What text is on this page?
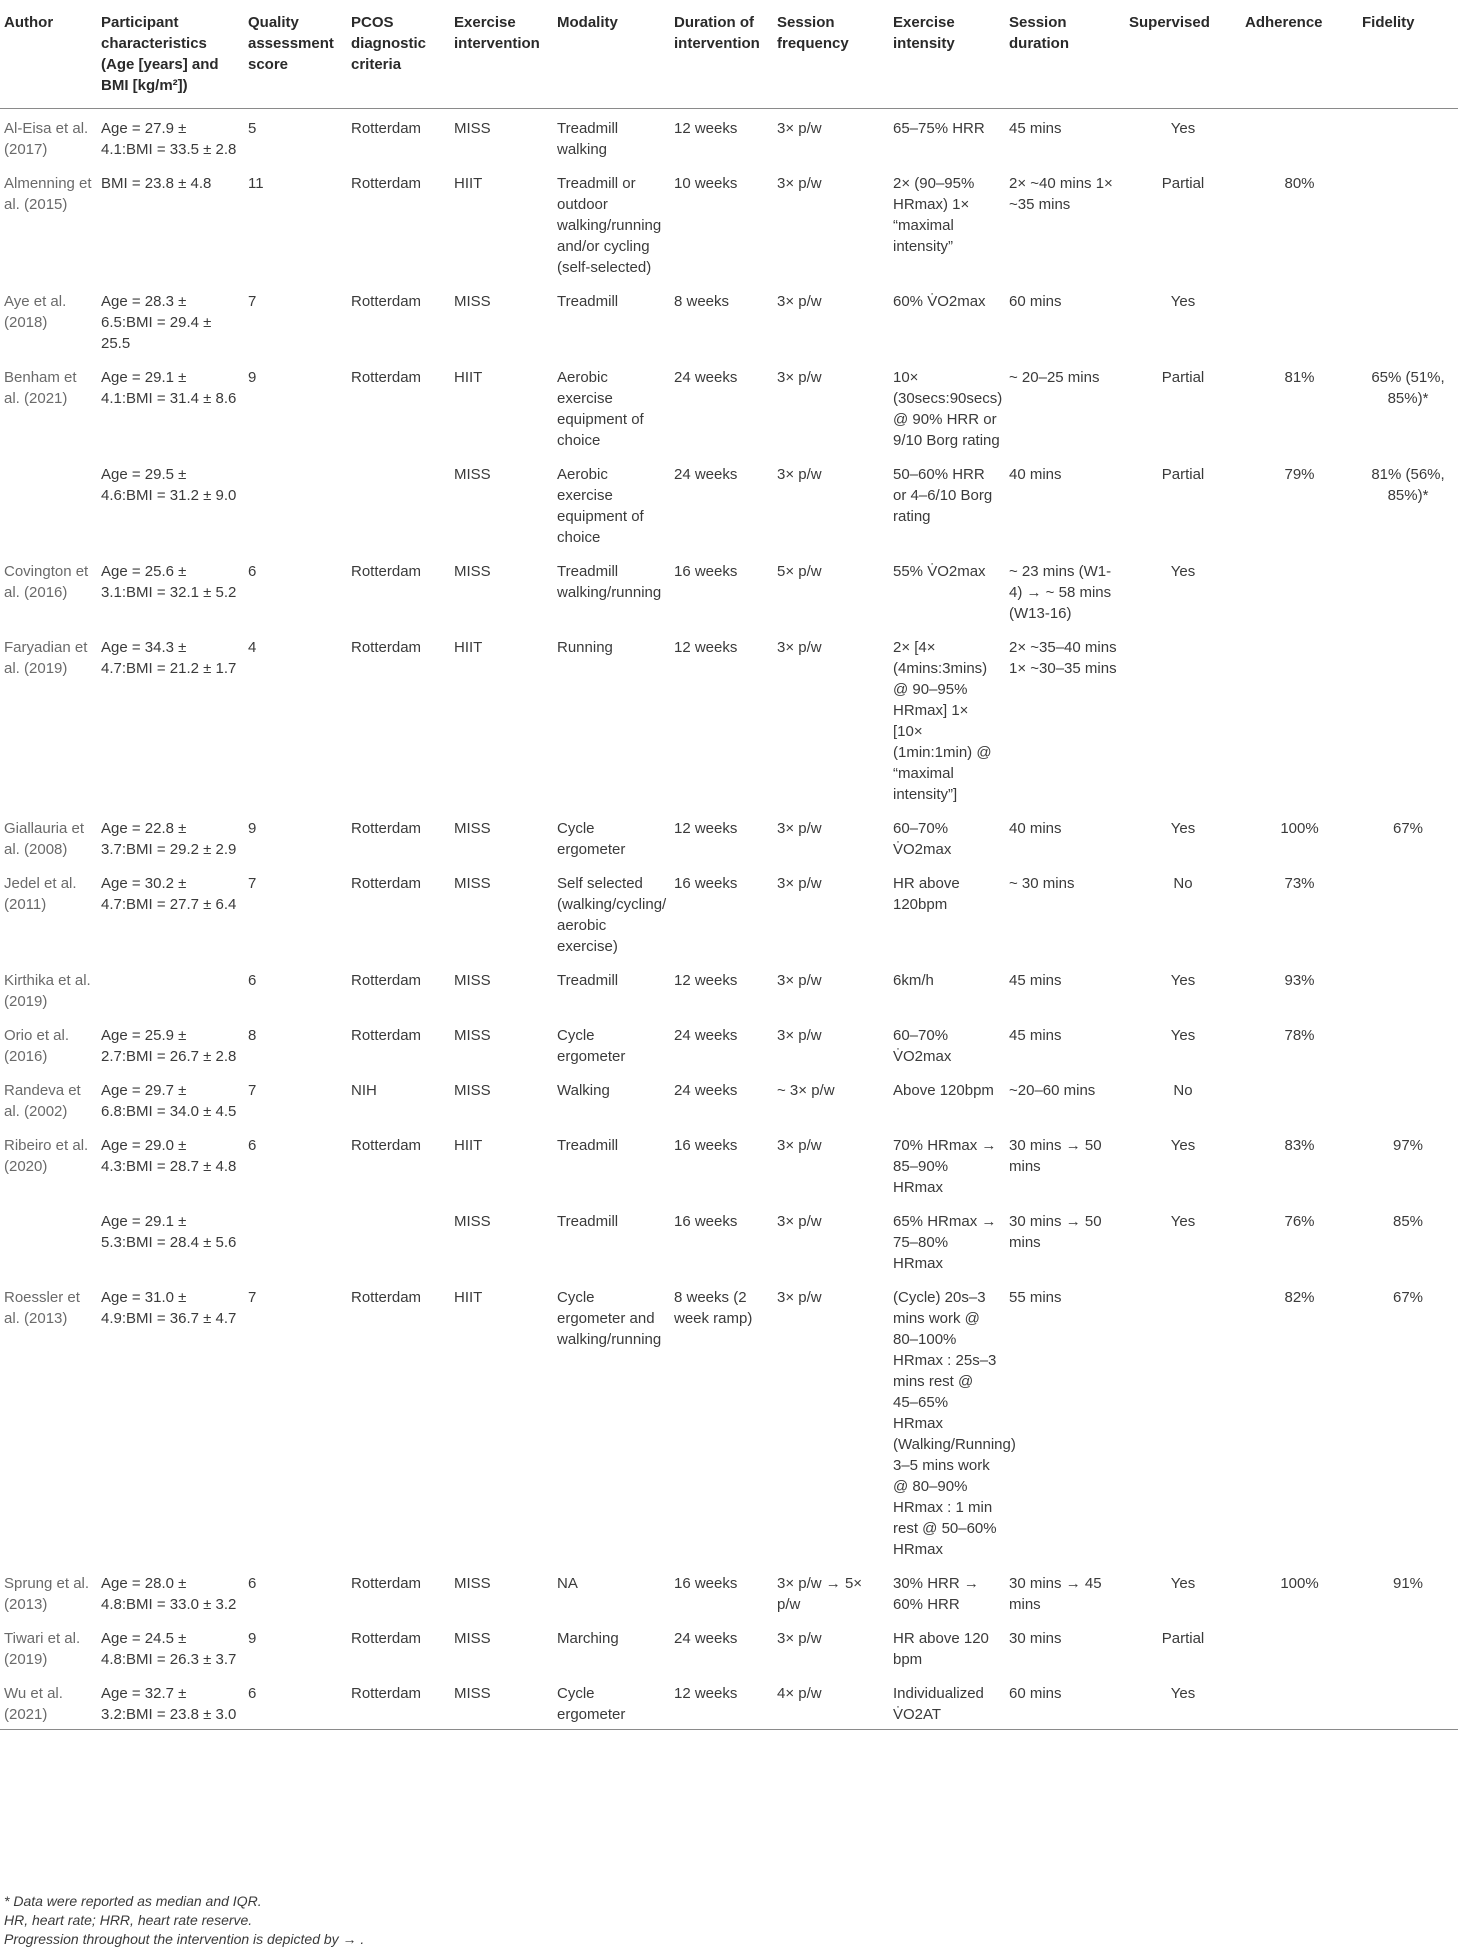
Author	Participant characteristics (Age [years] and BMI [kg/m²])	Quality assessment score	PCOS diagnostic criteria	Exercise intervention	Modality	Duration of intervention	Session frequency	Exercise intensity	Session duration	Supervised	Adherence	Fidelity
Al-Eisa et al. (2017)	Age = 27.9 ± 4.1:BMI = 33.5 ± 2.8	5	Rotterdam	MISS	Treadmill walking	12 weeks	3× p/w	65–75% HRR	45 mins	Yes		
Almenning et al. (2015)	BMI = 23.8 ± 4.8	11	Rotterdam	HIIT	Treadmill or outdoor walking/running and/or cycling (self-selected)	10 weeks	3× p/w	2× (90–95% HRmax) 1× “maximal intensity”	2× ~40 mins 1× ~35 mins	Partial	80%	
Aye et al. (2018)	Age = 28.3 ± 6.5:BMI = 29.4 ± 25.5	7	Rotterdam	MISS	Treadmill	8 weeks	3× p/w	60% V̇O2max	60 mins	Yes		
Benham et al. (2021)	Age = 29.1 ± 4.1:BMI = 31.4 ± 8.6	9	Rotterdam	HIIT	Aerobic exercise equipment of choice	24 weeks	3× p/w	10× (30secs:90secs) @ 90% HRR or 9/10 Borg rating	~ 20–25 mins	Partial	81%	65% (51%, 85%)*
	Age = 29.5 ± 4.6:BMI = 31.2 ± 9.0			MISS	Aerobic exercise equipment of choice	24 weeks	3× p/w	50–60% HRR or 4–6/10 Borg rating	40 mins	Partial	79%	81% (56%, 85%)*
Covington et al. (2016)	Age = 25.6 ± 3.1:BMI = 32.1 ± 5.2	6	Rotterdam	MISS	Treadmill walking/running	16 weeks	5× p/w	55% V̇O2max	~ 23 mins (W1-4) → ~ 58 mins (W13-16)	Yes		
Faryadian et al. (2019)	Age = 34.3 ± 4.7:BMI = 21.2 ± 1.7	4	Rotterdam	HIIT	Running	12 weeks	3× p/w	2× [4× (4mins:3mins) @ 90–95% HRmax] 1× [10× (1min:1min) @ “maximal intensity”]	2× ~35–40 mins 1× ~30–35 mins			
Giallauria et al. (2008)	Age = 22.8 ± 3.7:BMI = 29.2 ± 2.9	9	Rotterdam	MISS	Cycle ergometer	12 weeks	3× p/w	60–70% V̇O2max	40 mins	Yes	100%	67%
Jedel et al. (2011)	Age = 30.2 ± 4.7:BMI = 27.7 ± 6.4	7	Rotterdam	MISS	Self selected (walking/cycling/ aerobic exercise)	16 weeks	3× p/w	HR above 120bpm	~ 30 mins	No	73%	
Kirthika et al. (2019)		6	Rotterdam	MISS	Treadmill	12 weeks	3× p/w	6km/h	45 mins	Yes	93%	
Orio et al. (2016)	Age = 25.9 ± 2.7:BMI = 26.7 ± 2.8	8	Rotterdam	MISS	Cycle ergometer	24 weeks	3× p/w	60–70% V̇O2max	45 mins	Yes	78%	
Randeva et al. (2002)	Age = 29.7 ± 6.8:BMI = 34.0 ± 4.5	7	NIH	MISS	Walking	24 weeks	~ 3× p/w	Above 120bpm	~20–60 mins	No		
Ribeiro et al. (2020)	Age = 29.0 ± 4.3:BMI = 28.7 ± 4.8	6	Rotterdam	HIIT	Treadmill	16 weeks	3× p/w	70% HRmax → 85–90% HRmax	30 mins → 50 mins	Yes	83%	97%
	Age = 29.1 ± 5.3:BMI = 28.4 ± 5.6			MISS	Treadmill	16 weeks	3× p/w	65% HRmax → 75–80% HRmax	30 mins → 50 mins	Yes	76%	85%
Roessler et al. (2013)	Age = 31.0 ± 4.9:BMI = 36.7 ± 4.7	7	Rotterdam	HIIT	Cycle ergometer and walking/running	8 weeks (2 week ramp)	3× p/w	(Cycle) 20s–3 mins work @ 80–100% HRmax : 25s–3 mins rest @ 45–65% HRmax (Walking/Running) 3–5 mins work @ 80–90% HRmax : 1 min rest @ 50–60% HRmax	55 mins		82%	67%
Sprung et al. (2013)	Age = 28.0 ± 4.8:BMI = 33.0 ± 3.2	6	Rotterdam	MISS	NA	16 weeks	3× p/w → 5× p/w	30% HRR → 60% HRR	30 mins → 45 mins	Yes	100%	91%
Tiwari et al. (2019)	Age = 24.5 ± 4.8:BMI = 26.3 ± 3.7	9	Rotterdam	MISS	Marching	24 weeks	3× p/w	HR above 120 bpm	30 mins	Partial		
Wu et al. (2021)	Age = 32.7 ± 3.2:BMI = 23.8 ± 3.0	6	Rotterdam	MISS	Cycle ergometer	12 weeks	4× p/w	Individualized V̇O2AT	60 mins	Yes		

* Data were reported as median and IQR.

HR, heart rate; HRR, heart rate reserve.

Progression throughout the intervention is depicted by → .
